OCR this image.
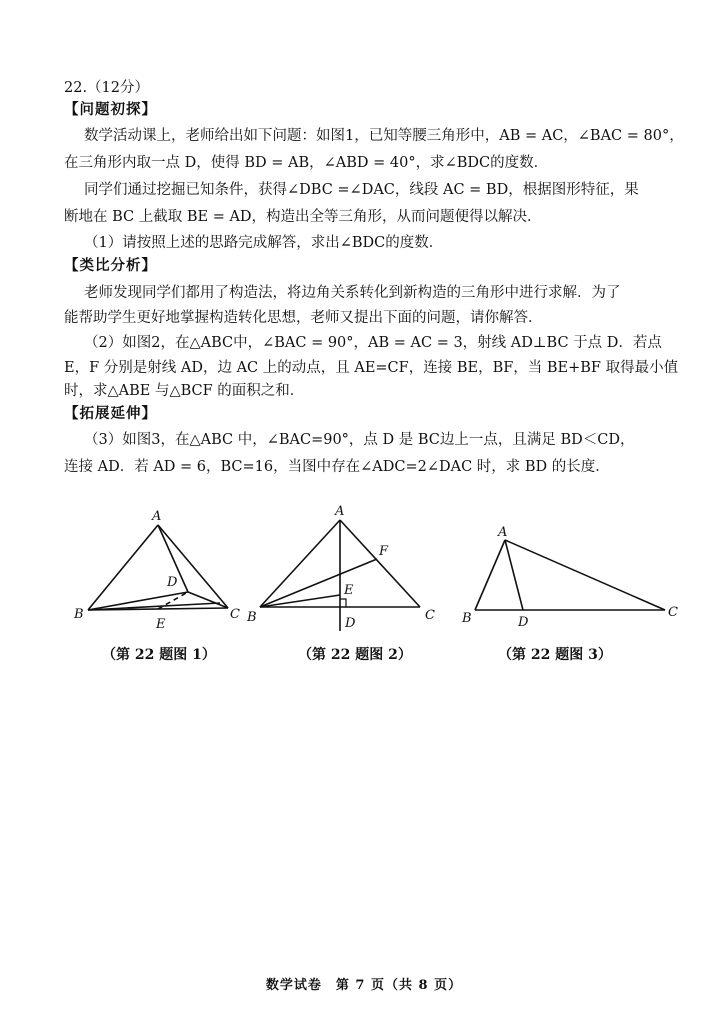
22.（12分）
【问题初探】
数学活动课上，老师给出如下问题：如图1，已知等腰三角形中，AB = AC，∠BAC = 80°，
在三角形内取一点 D，使得 BD = AB，∠ABD = 40°，求∠BDC的度数．
同学们通过挖掘已知条件，获得∠DBC =∠DAC，线段 AC = BD，根据图形特征，果
断地在 BC 上截取 BE = AD，构造出全等三角形，从而问题便得以解决．
（1）请按照上述的思路完成解答，求出∠BDC的度数．
【类比分析】
老师发现同学们都用了构造法，将边角关系转化到新构造的三角形中进行求解．为了
能帮助学生更好地掌握构造转化思想，老师又提出下面的问题，请你解答．
（2）如图2，在△ABC中，∠BAC = 90°，AB = AC = 3，射线 AD⊥BC 于点 D．若点
E，F 分别是射线 AD，边 AC 上的动点，且 AE=CF，连接 BE，BF，当 BE+BF 取得最小值
时，求△ABE 与△BCF 的面积之和．
【拓展延伸】
（3）如图3，在△ABC 中，∠BAC=90°，点 D 是 BC边上一点，且满足 BD＜CD，
连接 AD．若 AD = 6，BC=16，当图中存在∠ADC=2∠DAC 时，求 BD 的长度．
A
B	C
D
E
（第 22 题图 1）
A
B	C
D
E
F
（第 22 题图 2）
A
B	C
D
（第 22 题图 3）
数学试卷　第 7 页（共 8 页）
